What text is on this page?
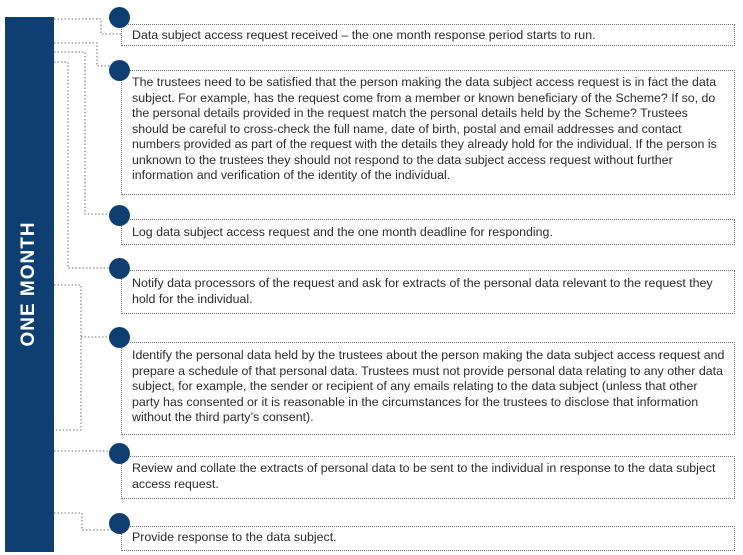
ONE MONTH
Data subject access request received – the one month response period starts to run.
The trustees need to be satisfied that the person making the data subject access request is in fact the data subject. For example, has the request come from a member or known beneficiary of the Scheme? If so, do the personal details provided in the request match the personal details held by the Scheme? Trustees should be careful to cross-check the full name, date of birth, postal and email addresses and contact numbers provided as part of the request with the details they already hold for the individual. If the person is unknown to the trustees they should not respond to the data subject access request without further information and verification of the identity of the individual.
Log data subject access request and the one month deadline for responding.
Notify data processors of the request and ask for extracts of the personal data relevant to the request they hold for the individual.
Identify the personal data held by the trustees about the person making the data subject access request and prepare a schedule of that personal data. Trustees must not provide personal data relating to any other data subject, for example, the sender or recipient of any emails relating to the data subject (unless that other party has consented or it is reasonable in the circumstances for the trustees to disclose that information without the third party’s consent).
Review and collate the extracts of personal data to be sent to the individual in response to the data subject access request.
Provide response to the data subject.
